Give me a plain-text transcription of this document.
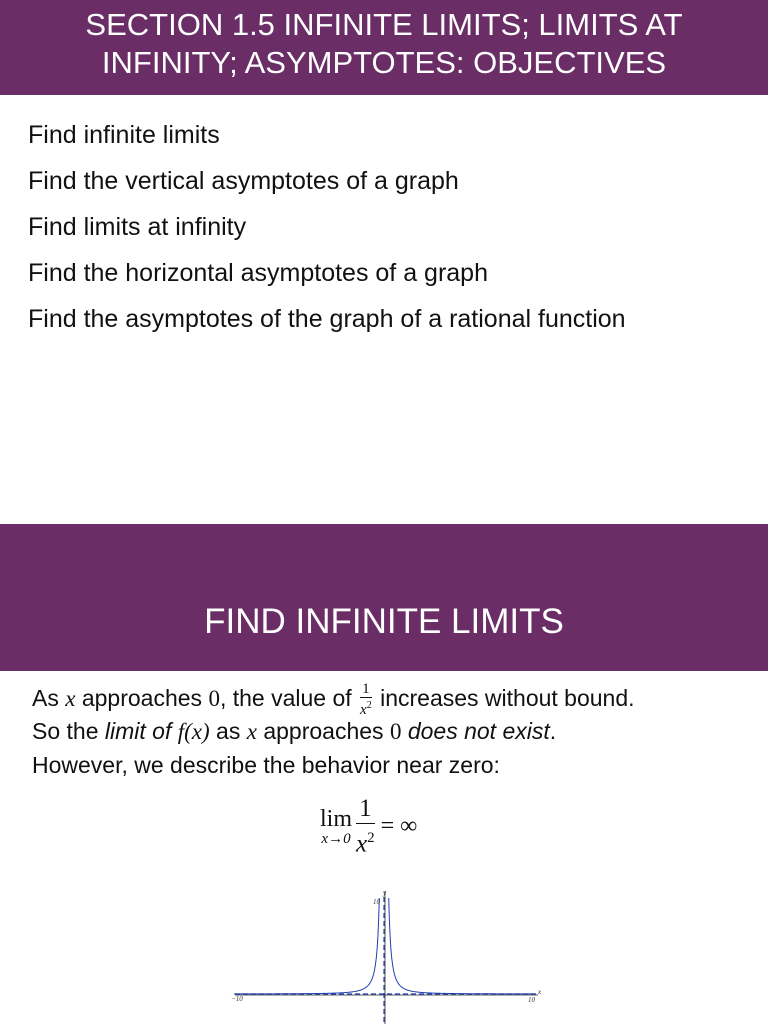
SECTION 1.5 INFINITE LIMITS; LIMITS AT
INFINITY; ASYMPTOTES: OBJECTIVES
Find infinite limits
Find the vertical asymptotes of a graph
Find limits at infinity
Find the horizontal asymptotes of a graph
Find the asymptotes of the graph of a rational function
FIND INFINITE LIMITS
As x approaches 0, the value of $\frac{1}{x^2}$ increases without bound.
So the limit of f(x) as x approaches 0 does not exist.
However, we describe the behavior near zero:
lim
$x\to 0 \frac{1}{x^2}$ = ∞
y
10
−10	10
x
